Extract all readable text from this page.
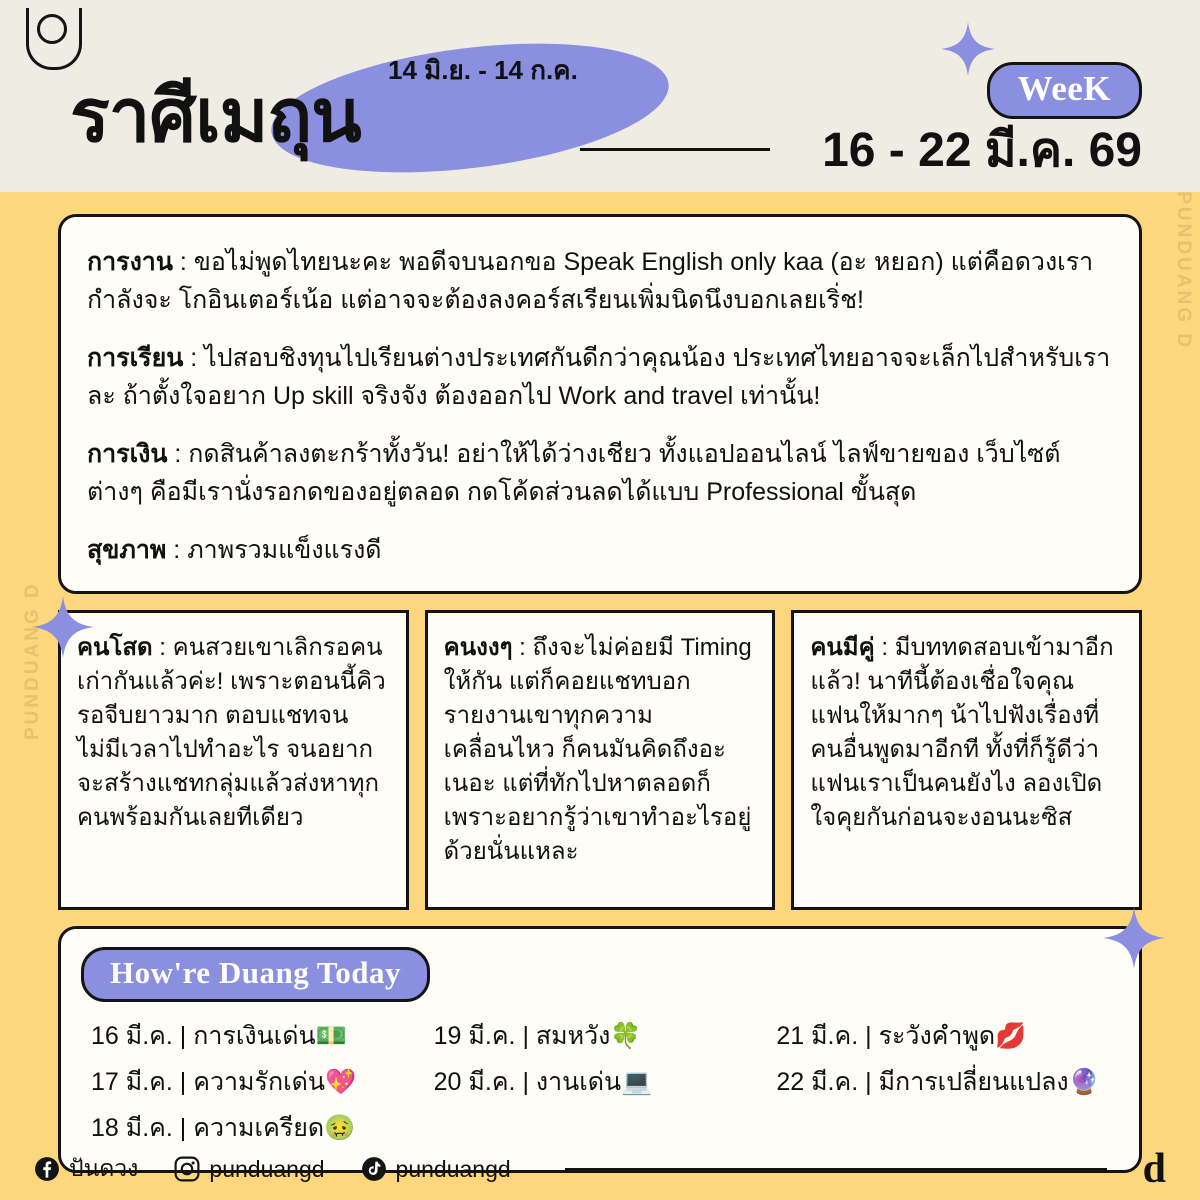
ราศีเมถุน
14 มิ.ย. - 14 ก.ค.	WeeK
16 - 22 มี.ค. 69
การงาน : ขอไม่พูดไทยนะคะ พอดีจบนอกขอ Speak English only kaa (อะ หยอก) แต่คือดวงเรากำลังจะ โกอินเตอร์เน้อ แต่อาจจะต้องลงคอร์สเรียนเพิ่มนิดนึงบอกเลยเริ่ช!
การเรียน : ไปสอบชิงทุนไปเรียนต่างประเทศกันดีกว่าคุณน้อง ประเทศไทยอาจจะเล็กไปสำหรับเราละ ถ้าตั้งใจอยาก Up skill จริงจัง ต้องออกไป Work and travel เท่านั้น!
การเงิน : กดสินค้าลงตะกร้าทั้งวัน! อย่าให้ได้ว่างเชียว ทั้งแอปออนไลน์ ไลฟ์ขายของ เว็บไซต์ต่างๆ คือมีเรานั่งรอกดของอยู่ตลอด กดโค้ดส่วนลดได้แบบ Professional ขั้นสุด
สุขภาพ : ภาพรวมแข็งแรงดี
คนโสด : คนสวยเขาเลิกรอคนเก่ากันแล้วค่ะ! เพราะตอนนี้คิวรอจีบยาวมาก ตอบแชทจนไม่มีเวลาไปทำอะไร จนอยากจะสร้างแชทกลุ่มแล้วส่งหาทุกคนพร้อมกันเลยทีเดียว
คนงงๆ : ถึงจะไม่ค่อยมี Timing ให้กัน แต่ก็คอยแชทบอก รายงานเขาทุกความเคลื่อนไหว ก็คนมันคิดถึงอะเนอะ แต่ที่ทักไปหาตลอดก็เพราะอยากรู้ว่าเขาทำอะไรอยู่ด้วยนั่นแหละ
คนมีคู่ : มีบททดสอบเข้ามาอีกแล้ว! นาทีนี้ต้องเชื่อใจคุณแฟนให้มากๆ น้าไปฟังเรื่องที่คนอื่นพูดมาอีกที ทั้งที่ก็รู้ดีว่าแฟนเราเป็นคนยังไง ลองเปิดใจคุยกันก่อนจะงอนนะซิส
How're Duang Today
16 มี.ค. | การเงินเด่น💵	19 มี.ค. | สมหวัง🍀	21 มี.ค. | ระวังคำพูด💋
17 มี.ค. | ความรักเด่น💖	20 มี.ค. | งานเด่น💻	22 มี.ค. | มีการเปลี่ยนแปลง🔮
18 มี.ค. | ความเครียด🤢
PUNDUANG D
PUNDUANG D
ปันดวง	punduangd	punduangd	d
